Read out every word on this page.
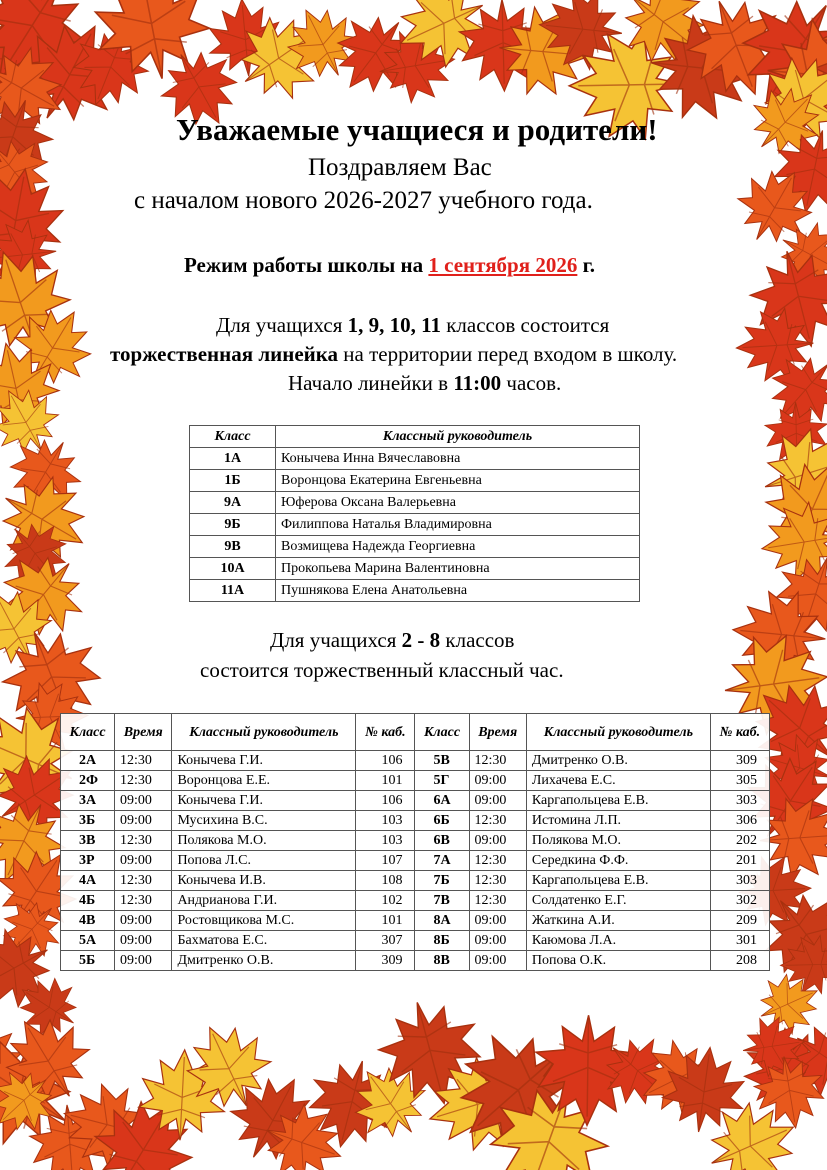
Уважаемые учащиеся и родители!
Поздравляем Вас
с началом нового 2026-2027 учебного года.
Режим работы школы на 1 сентября 2026 г.
Для учащихся 1, 9, 10, 11 классов состоится
торжественная линейка на территории перед входом в школу.
Начало линейки в 11:00 часов.
Класс	Классный руководитель
1А	Конычева Инна Вячеславовна
1Б	Воронцова Екатерина Евгеньевна
9А	Юферова Оксана Валерьевна
9Б	Филиппова Наталья Владимировна
9В	Возмищева Надежда Георгиевна
10А	Прокопьева Марина Валентиновна
11А	Пушнякова Елена Анатольевна
Для учащихся 2 - 8 классов
состоится торжественный классный час.
Класс	Время	Классный руководитель	№ каб.	Класс	Время	Классный руководитель	№ каб.
2А	12:30	Конычева Г.И.	106	5В	12:30	Дмитренко О.В.	309
2Ф	12:30	Воронцова Е.Е.	101	5Г	09:00	Лихачева Е.С.	305
3А	09:00	Конычева Г.И.	106	6А	09:00	Каргапольцева Е.В.	303
3Б	09:00	Мусихина В.С.	103	6Б	12:30	Истомина Л.П.	306
3В	12:30	Полякова М.О.	103	6В	09:00	Полякова М.О.	202
3Р	09:00	Попова Л.С.	107	7А	12:30	Середкина Ф.Ф.	201
4А	12:30	Конычева И.В.	108	7Б	12:30	Каргапольцева Е.В.	303
4Б	12:30	Андрианова Г.И.	102	7В	12:30	Солдатенко Е.Г.	302
4В	09:00	Ростовщикова М.С.	101	8А	09:00	Жаткина А.И.	209
5А	09:00	Бахматова Е.С.	307	8Б	09:00	Каюмова Л.А.	301
5Б	09:00	Дмитренко О.В.	309	8В	09:00	Попова О.К.	208
